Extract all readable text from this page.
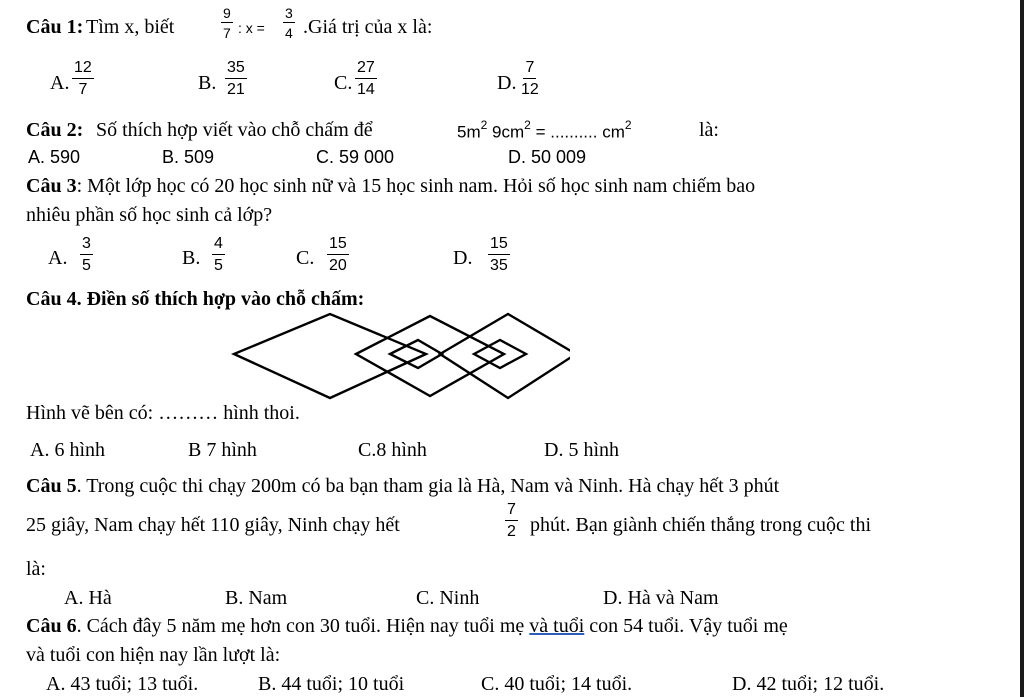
Câu 1: Tìm x, biết	$\frac{9}{7}$ : $x = \frac{3}{4}$ .Giá trị của x là:
A. $\frac{12}{7}$	B. $\frac{35}{21}$	C. $\frac{27}{14}$	D. $\frac{7}{12}$
Câu 2: Số thích hợp viết vào chỗ chấm để	$5m^2$ $9cm^2$ = .......... $cm^2$	là:
A. 590	B. 509	C. 59 000	D. 50 009
Câu 3: Một lớp học có 20 học sinh nữ và 15 học sinh nam. Hỏi số học sinh nam chiếm bao
nhiêu phần số học sinh cả lớp?
A. $\frac{3}{5}$	B. $\frac{4}{5}$	C. $\frac{15}{20}$	D. $\frac{15}{35}$
Câu 4. Điền số thích hợp vào chỗ chấm:
Hình vẽ bên có: ……… hình thoi.
A. 6 hình	B 7 hình	C.8 hình	D. 5 hình
Câu 5. Trong cuộc thi chạy 200m có ba bạn tham gia là Hà, Nam và Ninh. Hà chạy hết 3 phút
25 giây, Nam chạy hết 110 giây, Ninh chạy hết	$\frac{7}{2}$ phút. Bạn giành chiến thắng trong cuộc thi
là:
A. Hà	B. Nam	C. Ninh	D. Hà và Nam
Câu 6. Cách đây 5 năm mẹ hơn con 30 tuổi. Hiện nay tuổi mẹ và tuổi con 54 tuổi. Vậy tuổi mẹ
và tuổi con hiện nay lần lượt là:
A. 43 tuổi; 13 tuổi.	B. 44 tuổi; 10 tuổi	C. 40 tuổi; 14 tuổi.	D. 42 tuổi; 12 tuổi.
